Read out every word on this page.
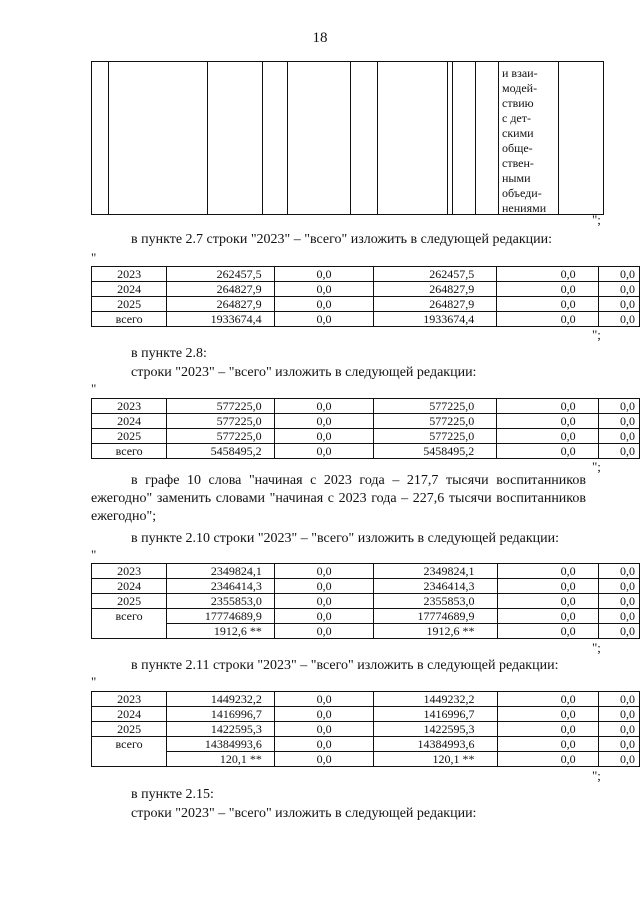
18
и взаи-
модей-
ствию
с дет-
скими
обще-
ствен-
ными
объеди-
нениями
";
в пункте 2.7 строки "2023" – "всего" изложить в следующей редакции:
"
2023	262457,5	0,0	262457,5	0,0	0,0
2024	264827,9	0,0	264827,9	0,0	0,0
2025	264827,9	0,0	264827,9	0,0	0,0
всего	1933674,4	0,0	1933674,4	0,0	0,0
";
в пункте 2.8:
строки "2023" – "всего" изложить в следующей редакции:
"
2023	577225,0	0,0	577225,0	0,0	0,0
2024	577225,0	0,0	577225,0	0,0	0,0
2025	577225,0	0,0	577225,0	0,0	0,0
всего	5458495,2	0,0	5458495,2	0,0	0,0
";
в графе 10 слова "начиная с 2023 года – 217,7 тысячи воспитанников ежегодно" заменить словами "начиная с 2023 года – 227,6 тысячи воспитанников ежегодно";
в пункте 2.10 строки "2023" – "всего" изложить в следующей редакции:
"
2023	2349824,1	0,0	2349824,1	0,0	0,0
2024	2346414,3	0,0	2346414,3	0,0	0,0
2025	2355853,0	0,0	2355853,0	0,0	0,0
всего	17774689,9	0,0	17774689,9	0,0	0,0
	1912,6 **	0,0	1912,6 **	0,0	0,0
";
в пункте 2.11 строки "2023" – "всего" изложить в следующей редакции:
"
2023	1449232,2	0,0	1449232,2	0,0	0,0
2024	1416996,7	0,0	1416996,7	0,0	0,0
2025	1422595,3	0,0	1422595,3	0,0	0,0
всего	14384993,6	0,0	14384993,6	0,0	0,0
	120,1 **	0,0	120,1 **	0,0	0,0
";
в пункте 2.15:
строки "2023" – "всего" изложить в следующей редакции:
